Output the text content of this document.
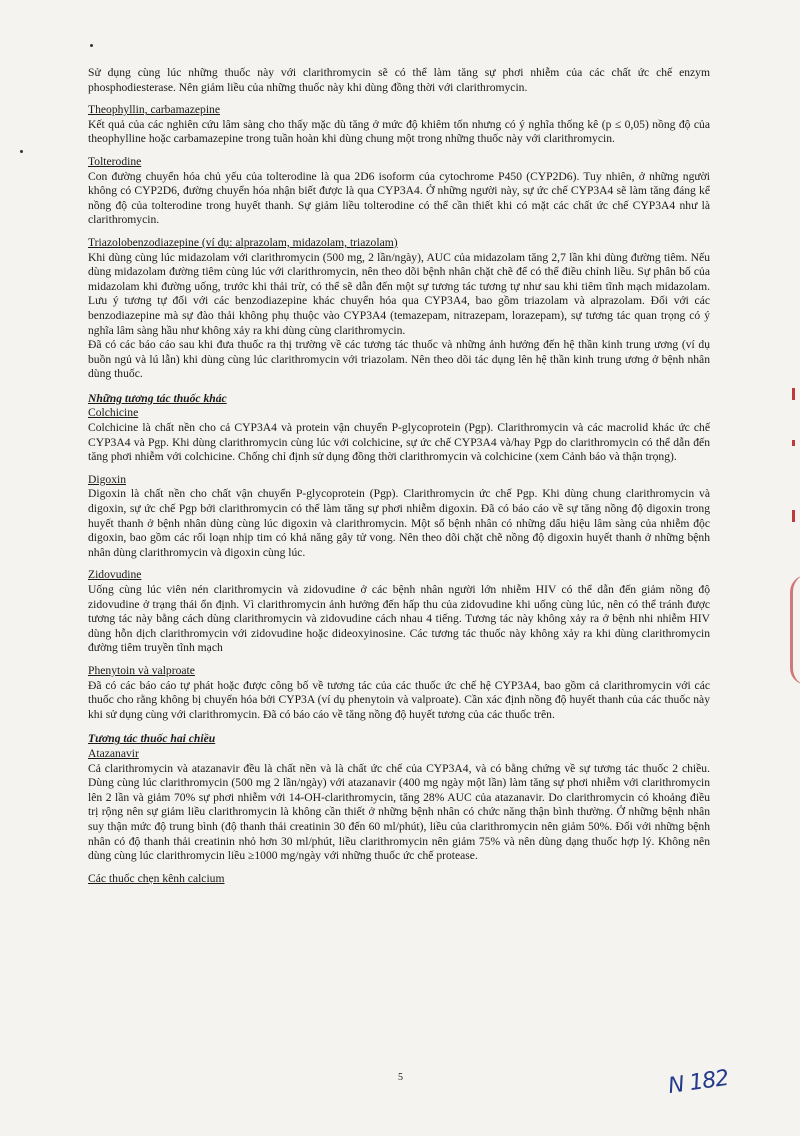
Sử dụng cùng lúc những thuốc này với clarithromycin sẽ có thể làm tăng sự phơi nhiễm của các chất ức chế enzym phosphodiesterase. Nên giảm liều của những thuốc này khi dùng đồng thời với clarithromycin.

Theophyllin, carbamazepine

Kết quả của các nghiên cứu lâm sàng cho thấy mặc dù tăng ở mức độ khiêm tốn nhưng có ý nghĩa thống kê (p ≤ 0,05) nồng độ của theophylline hoặc carbamazepine trong tuần hoàn khi dùng chung một trong những thuốc này với clarithromycin.

Tolterodine

Con đường chuyển hóa chủ yếu của tolterodine là qua 2D6 isoform của cytochrome P450 (CYP2D6). Tuy nhiên, ở những người không có CYP2D6, đường chuyển hóa nhận biết được là qua CYP3A4. Ở những người này, sự ức chế CYP3A4 sẽ làm tăng đáng kể nồng độ của tolterodine trong huyết thanh. Sự giảm liều tolterodine có thể cần thiết khi có mặt các chất ức chế CYP3A4 như là clarithromycin.

Triazolobenzodiazepine (ví dụ: alprazolam, midazolam, triazolam)

Khi dùng cùng lúc midazolam với clarithromycin (500 mg, 2 lần/ngày), AUC của midazolam tăng 2,7 lần khi dùng đường tiêm. Nếu dùng midazolam đường tiêm cùng lúc với clarithromycin, nên theo dõi bệnh nhân chặt chẽ để có thể điều chỉnh liều. Sự phân bố của midazolam khi đường uống, trước khi thải trừ, có thể sẽ dẫn đến một sự tương tác tương tự như sau khi tiêm tĩnh mạch midazolam. Lưu ý tương tự đối với các benzodiazepine khác chuyển hóa qua CYP3A4, bao gồm triazolam và alprazolam. Đối với các benzodiazepine mà sự đào thải không phụ thuộc vào CYP3A4 (temazepam, nitrazepam, lorazepam), sự tương tác quan trọng có ý nghĩa lâm sàng hầu như không xảy ra khi dùng cùng clarithromycin.

Đã có các báo cáo sau khi đưa thuốc ra thị trường về các tương tác thuốc và những ảnh hưởng đến hệ thần kinh trung ương (ví dụ buồn ngủ và lú lẫn) khi dùng cùng lúc clarithromycin với triazolam. Nên theo dõi tác dụng lên hệ thần kinh trung ương ở bệnh nhân dùng thuốc.

Những tương tác thuốc khác
Colchicine

Colchicine là chất nền cho cả CYP3A4 và protein vận chuyển P-glycoprotein (Pgp). Clarithromycin và các macrolid khác ức chế CYP3A4 và Pgp. Khi dùng clarithromycin cùng lúc với colchicine, sự ức chế CYP3A4 và/hay Pgp do clarithromycin có thể dẫn đến tăng phơi nhiễm với colchicine. Chống chỉ định sử dụng đồng thời clarithromycin và colchicine (xem Cảnh báo và thận trọng).

Digoxin

Digoxin là chất nền cho chất vận chuyển P-glycoprotein (Pgp). Clarithromycin ức chế Pgp. Khi dùng chung clarithromycin và digoxin, sự ức chế Pgp bởi clarithromycin có thể làm tăng sự phơi nhiễm digoxin. Đã có báo cáo về sự tăng nồng độ digoxin trong huyết thanh ở bệnh nhân dùng cùng lúc digoxin và clarithromycin. Một số bệnh nhân có những dấu hiệu lâm sàng của nhiễm độc digoxin, bao gồm các rối loạn nhịp tim có khả năng gây tử vong. Nên theo dõi chặt chẽ nồng độ digoxin huyết thanh ở những bệnh nhân dùng clarithromycin và digoxin cùng lúc.

Zidovudine

Uống cùng lúc viên nén clarithromycin và zidovudine ở các bệnh nhân người lớn nhiễm HIV có thể dẫn đến giảm nồng độ zidovudine ở trạng thái ổn định. Vì clarithromycin ảnh hưởng đến hấp thu của zidovudine khi uống cùng lúc, nên có thể tránh được tương tác này bằng cách dùng clarithromycin và zidovudine cách nhau 4 tiếng. Tương tác này không xảy ra ở bệnh nhi nhiễm HIV dùng hỗn dịch clarithromycin với zidovudine hoặc dideoxyinosine. Các tương tác thuốc này không xảy ra khi dùng clarithromycin đường tiêm truyền tĩnh mạch

Phenytoin và valproate

Đã có các báo cáo tự phát hoặc được công bố về tương tác của các thuốc ức chế hệ CYP3A4, bao gồm cả clarithromycin với các thuốc cho rằng không bị chuyển hóa bởi CYP3A (ví dụ phenytoin và valproate). Cần xác định nồng độ huyết thanh của các thuốc này khi sử dụng cùng với clarithromycin. Đã có báo cáo về tăng nồng độ huyết tương của các thuốc trên.

Tương tác thuốc hai chiều
Atazanavir

Cả clarithromycin và atazanavir đều là chất nền và là chất ức chế của CYP3A4, và có bằng chứng về sự tương tác thuốc 2 chiều. Dùng cùng lúc clarithromycin (500 mg 2 lần/ngày) với atazanavir (400 mg ngày một lần) làm tăng sự phơi nhiễm với clarithromycin lên 2 lần và giảm 70% sự phơi nhiễm với 14-OH-clarithromycin, tăng 28% AUC của atazanavir. Do clarithromycin có khoảng điều trị rộng nên sự giảm liều clarithromycin là không cần thiết ở những bệnh nhân có chức năng thận bình thường. Ở những bệnh nhân suy thận mức độ trung bình (độ thanh thải creatinin 30 đến 60 ml/phút), liều của clarithromycin nên giảm 50%. Đối với những bệnh nhân có độ thanh thải creatinin nhỏ hơn 30 ml/phút, liều clarithromycin nên giảm 75% và nên dùng dạng thuốc hợp lý. Không nên dùng cùng lúc clarithromycin liều ≥1000 mg/ngày với những thuốc ức chế protease.

Các thuốc chẹn kênh calcium
5	N 182
